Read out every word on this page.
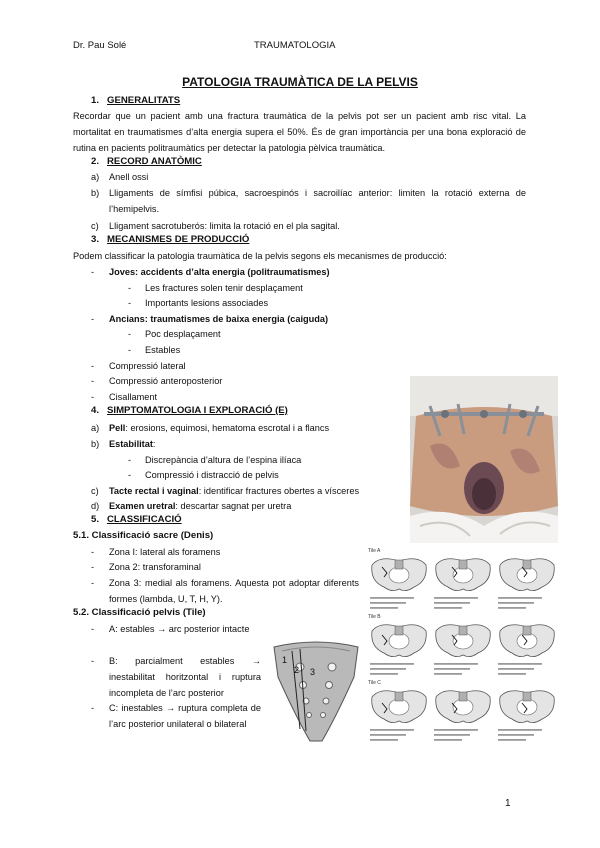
Dr. Pau Solé	TRAUMATOLOGIA
PATOLOGIA TRAUMÀTICA DE LA PELVIS
1. GENERALITATS
Recordar que un pacient amb una fractura traumàtica de la pelvis pot ser un pacient amb risc vital. La mortalitat en traumatismes d’alta energia supera el 50%. És de gran importància per una bona exploració de rutina en pacients politraumàtics per detectar la patologia pèlvica traumàtica.
2. RECORD ANATÒMIC
a) Anell ossi
b) Lligaments de símfisi púbica, sacroespinós i sacroilíac anterior: limiten la rotació externa de
l’hemipelvis.
c) Lligament sacrotuberós: limita la rotació en el pla sagital.
3. MECANISMES DE PRODUCCIÓ
Podem classificar la patologia traumàtica de la pelvis segons els mecanismes de producció:
- Joves: accidents d’alta energia (politraumatismes)
- Les fractures solen tenir desplaçament
- Importants lesions associades
- Ancians: traumatismes de baixa energia (caiguda)
- Poc desplaçament
- Estables
- Compressió lateral
- Compressió anteroposterior
- Cisallament
4. SIMPTOMATOLOGIA I EXPLORACIÓ (E)
a) Pell: erosions, equimosi, hematoma escrotal i a flancs
b) Estabilitat:
- Discrepància d’altura de l’espina ilíaca
- Compressió i distracció de pelvis
c) Tacte rectal i vaginal: identificar fractures obertes a vísceres
d) Examen uretral: descartar sagnat per uretra
5. CLASSIFICACIÓ
5.1. Classificació sacre (Denis)
- Zona I: lateral als foramens
- Zona 2: transforaminal
- Zona 3: medial als foramens. Aquesta pot adoptar diferents formes (lambda, U, T, H, Y).
5.2. Classificació pelvis (Tile)
- A: estables → arc posterior intacte
- B: parcialment estables → inestabilitat horitzontal i ruptura incompleta de l’arc posterior
- C: inestables → ruptura completa de l’arc posterior unilateral o bilateral
1
2 3
Tile A
Tile B
Tile C
1
